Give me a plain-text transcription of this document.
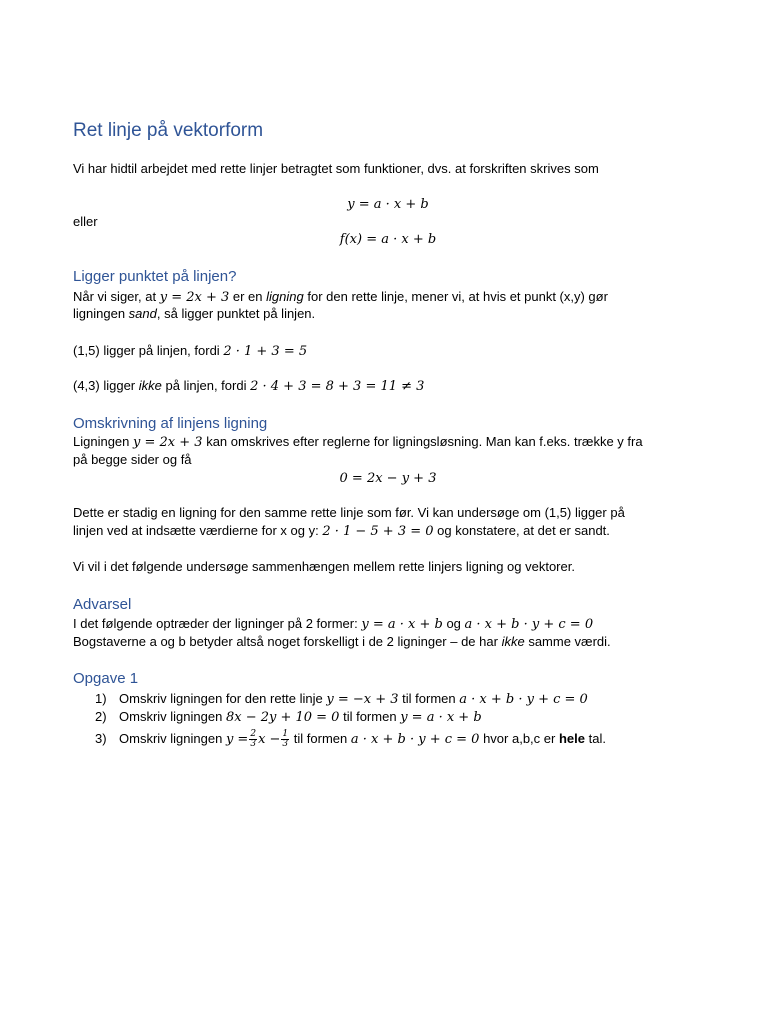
Ret linje på vektorform

Vi har hidtil arbejdet med rette linjer betragtet som funktioner, dvs. at forskriften skrives som

y = a · x + b

eller

f(x) = a · x + b
Ligger punktet på linjen?

Når vi siger, at y = 2x + 3 er en ligning for den rette linje, mener vi, at hvis et punkt (x,y) gør

ligningen sand, så ligger punktet på linjen.

(1,5) ligger på linjen, fordi 2 · 1 + 3 = 5

(4,3) ligger ikke på linjen, fordi 2 · 4 + 3 = 8 + 3 = 11 ≠ 3

Omskrivning af linjens ligning

Ligningen y = 2x + 3 kan omskrives efter reglerne for ligningsløsning. Man kan f.eks. trække y fra

på begge sider og få

0 = 2x − y + 3

Dette er stadig en ligning for den samme rette linje som før. Vi kan undersøge om (1,5) ligger på

linjen ved at indsætte værdierne for x og y: 2 · 1 − 5 + 3 = 0 og konstatere, at det er sandt.

Vi vil i det følgende undersøge sammenhængen mellem rette linjers ligning og vektorer.

Advarsel

I det følgende optræder der ligninger på 2 former: y = a · x + b og a · x + b · y + c = 0

Bogstaverne a og b betyder altså noget forskelligt i de 2 ligninger – de har ikke samme værdi.

Opgave 1
1) Omskriv ligningen for den rette linje y = −x + 3 til formen a · x + b · y + c = 0
2) Omskriv ligningen 8x − 2y + 10 = 0 til formen y = a · x + b
3) Omskriv ligningen $y = \frac{2}{3}$ $x - \frac{1}{3}$ til formen a · x + b · y + c = 0 hvor a,b,c er hele tal.
